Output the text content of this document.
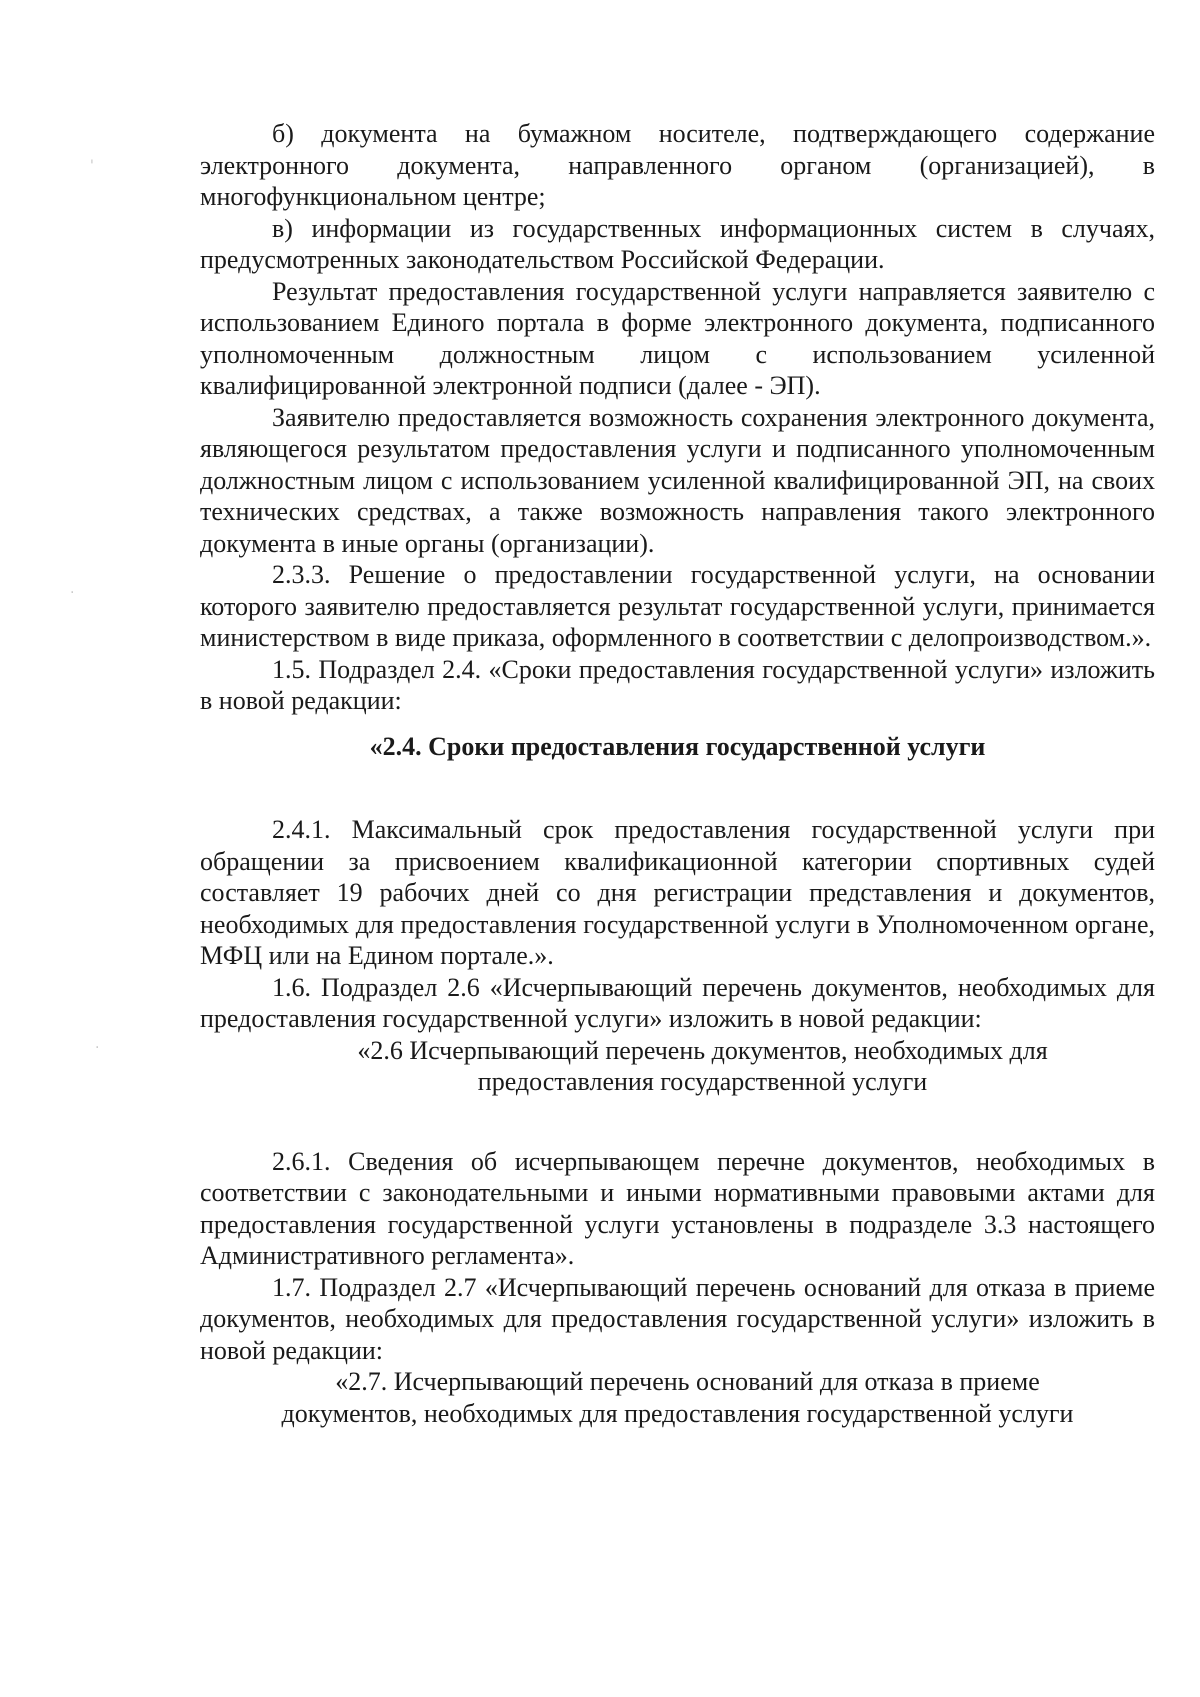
б) документа на бумажном носителе, подтверждающего содержание электронного документа, направленного органом (организацией), в многофункциональном центре;

в) информации из государственных информационных систем в случаях, предусмотренных законодательством Российской Федерации.

Результат предоставления государственной услуги направляется заявителю с использованием Единого портала в форме электронного документа, подписанного уполномоченным должностным лицом с использованием усиленной квалифицированной электронной подписи (далее - ЭП).

Заявителю предоставляется возможность сохранения электронного документа, являющегося результатом предоставления услуги и подписанного уполномоченным должностным лицом с использованием усиленной квалифицированной ЭП, на своих технических средствах, а также возможность направления такого электронного документа в иные органы (организации).

2.3.3. Решение о предоставлении государственной услуги, на основании которого заявителю предоставляется результат государственной услуги, принимается министерством в виде приказа, оформленного в соответствии с делопроизводством.».

1.5. Подраздел 2.4. «Сроки предоставления государственной услуги» изложить в новой редакции:

«2.4. Сроки предоставления государственной услуги

2.4.1. Максимальный срок предоставления государственной услуги при обращении за присвоением квалификационной категории спортивных судей составляет 19 рабочих дней со дня регистрации представления и документов, необходимых для предоставления государственной услуги в Уполномоченном органе, МФЦ или на Едином портале.».

1.6. Подраздел 2.6 «Исчерпывающий перечень документов, необходимых для предоставления государственной услуги» изложить в новой редакции:

«2.6 Исчерпывающий перечень документов, необходимых для

предоставления государственной услуги

2.6.1. Сведения об исчерпывающем перечне документов, необходимых в соответствии с законодательными и иными нормативными правовыми актами для предоставления государственной услуги установлены в подразделе 3.3 настоящего Административного регламента».

1.7. Подраздел 2.7 «Исчерпывающий перечень оснований для отказа в приеме документов, необходимых для предоставления государственной услуги» изложить в новой редакции:

«2.7. Исчерпывающий перечень оснований для отказа в приеме

документов, необходимых для предоставления государственной услуги

'
·
·
